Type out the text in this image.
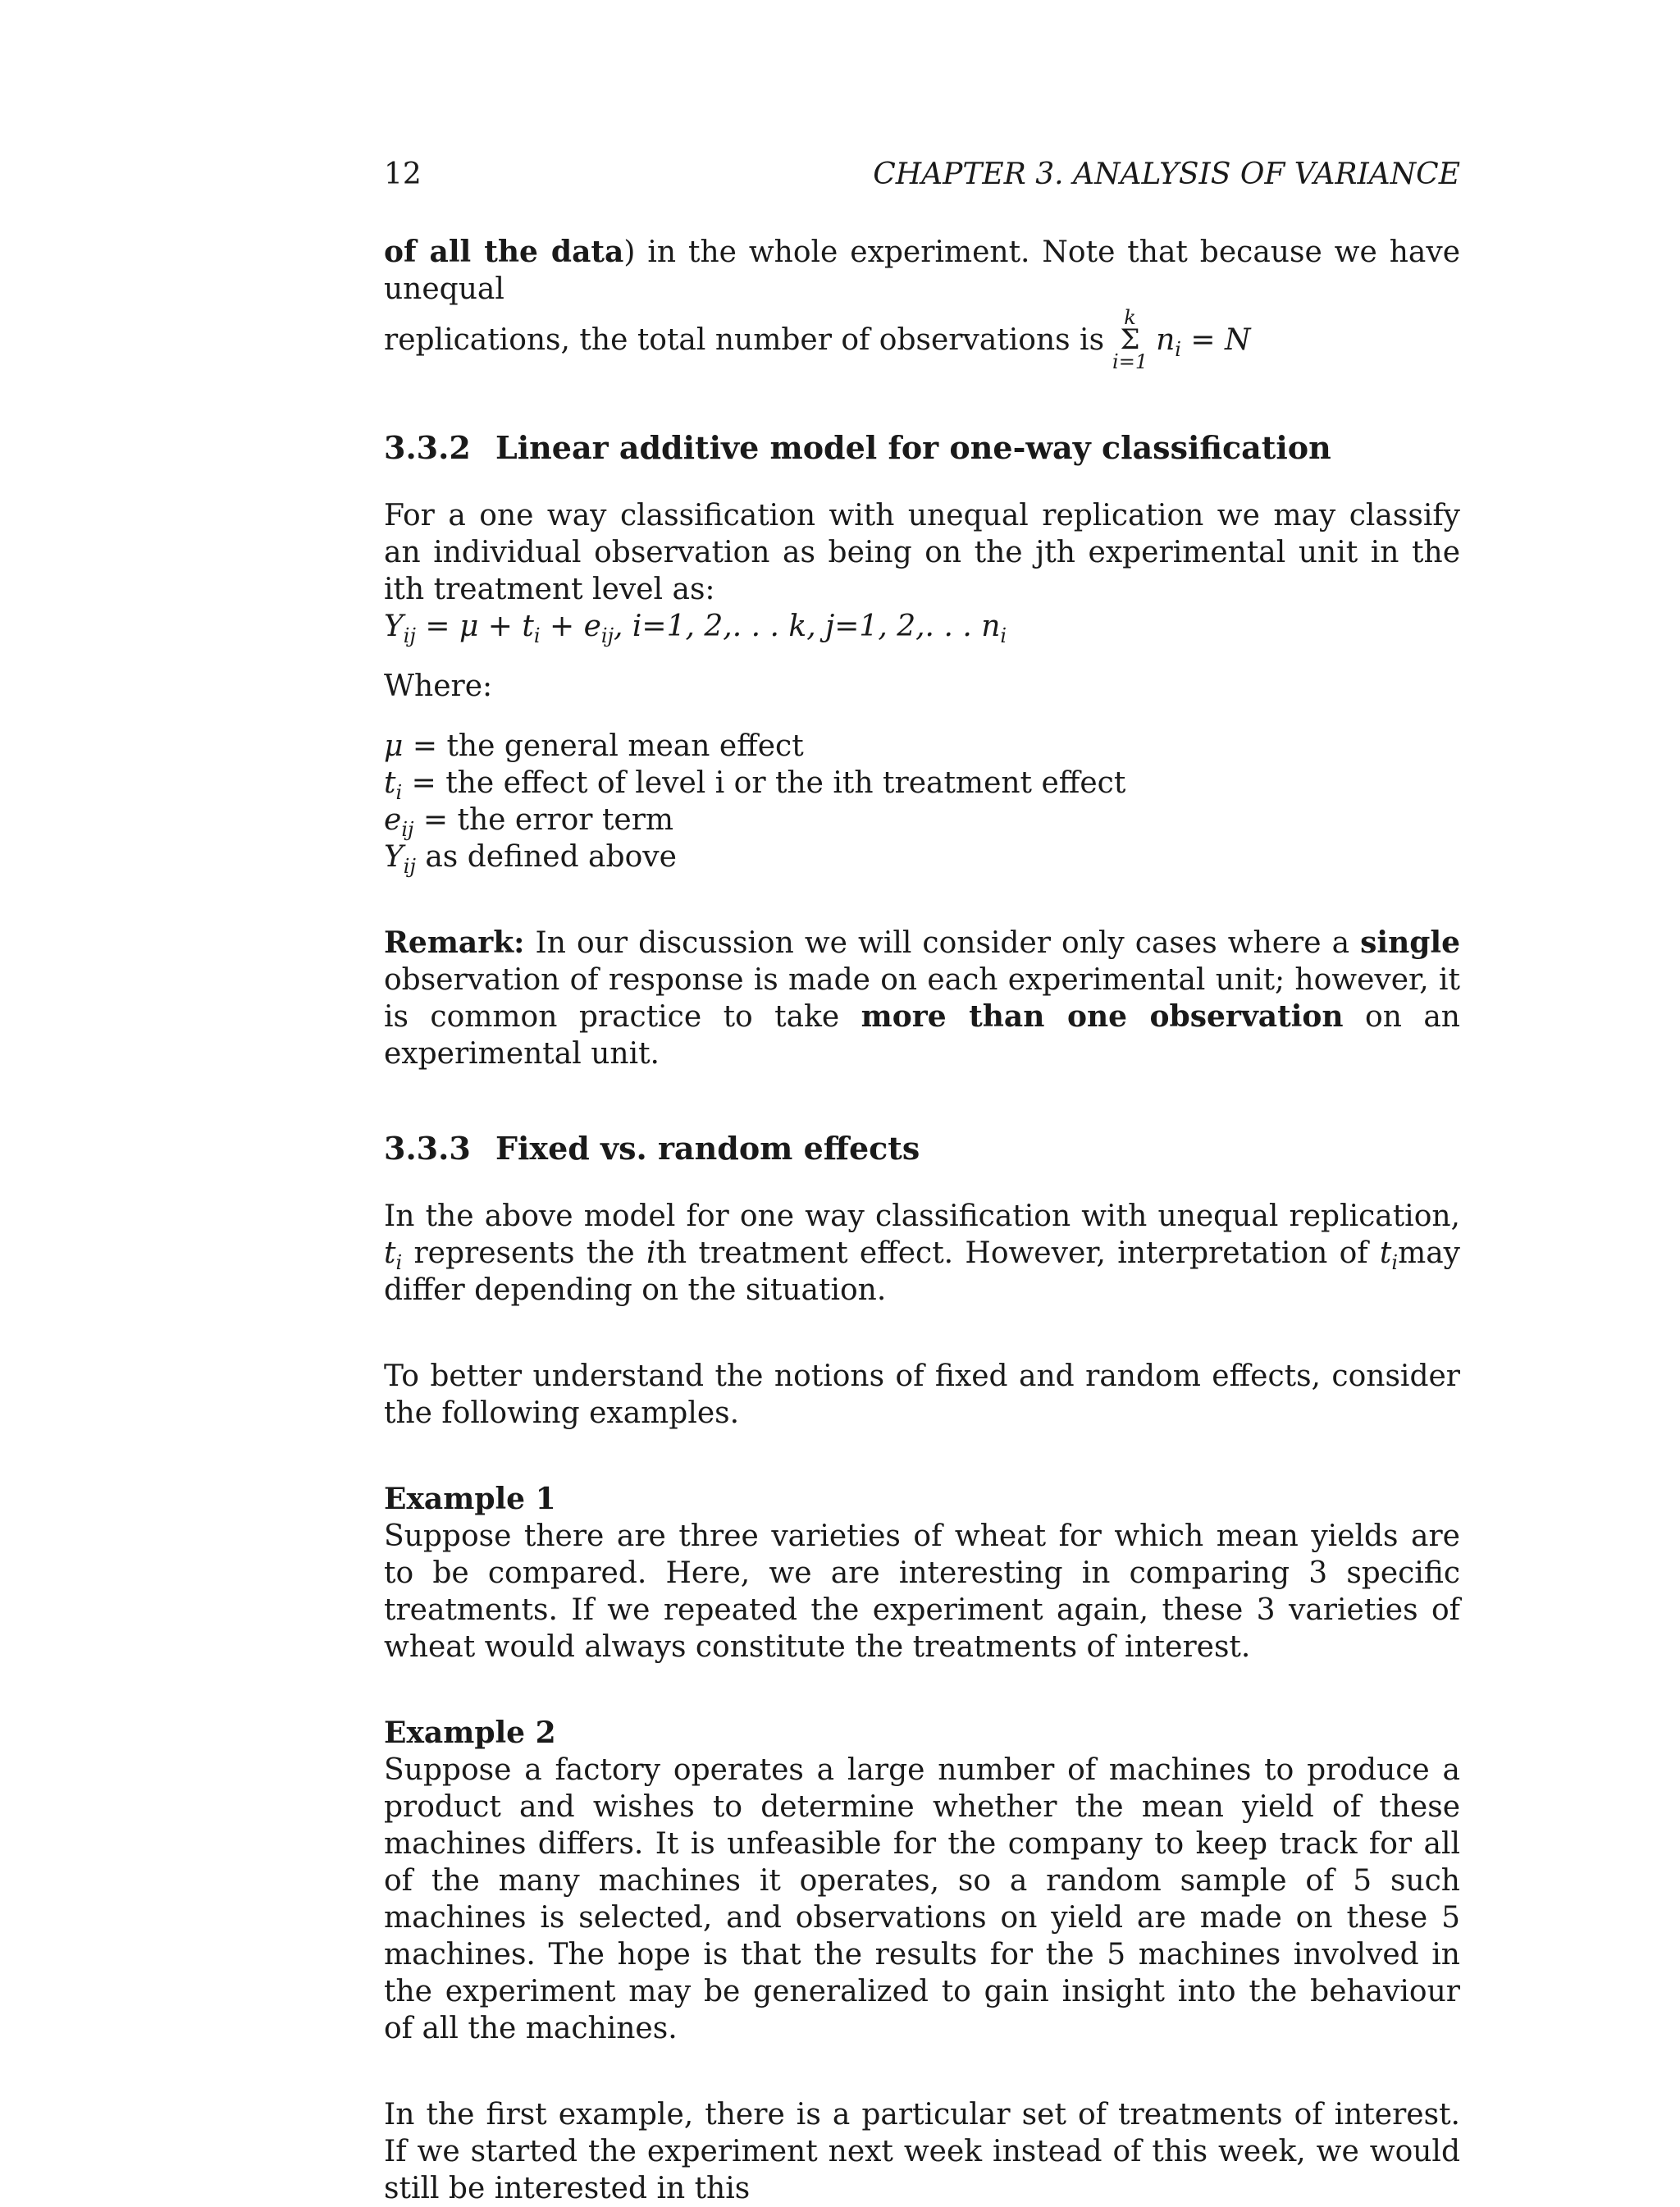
12	CHAPTER 3. ANALYSIS OF VARIANCE

of all the data) in the whole experiment. Note that because we have unequal

replications, the total number of observations is
k
Σ
i=1
$n_i = N$
3.3.2 Linear additive model for one-way classification

For a one way classification with unequal replication we may classify an individual observation as being on the jth experimental unit in the ith treatment level as:

$Y_{ij} = \mu + t_i + e_{ij}$, i=1, 2,. . . k, j=1, 2,. . . $n_i$

Where:

μ = the general mean effect
$t_i$ = the effect of level i or the ith treatment effect
$e_{ij}$ = the error term
$Y_{ij}$ as defined above

Remark: In our discussion we will consider only cases where a single observation of response is made on each experimental unit; however, it is common practice to take more than one observation on an experimental unit.

3.3.3 Fixed vs. random effects

In the above model for one way classification with unequal replication, $t_i$ represents the ith treatment effect. However, interpretation of $t_imay$ differ depending on the situation.

To better understand the notions of fixed and random effects, consider the following examples.

Example 1

Suppose there are three varieties of wheat for which mean yields are to be compared. Here, we are interesting in comparing 3 specific treatments. If we repeated the experiment again, these 3 varieties of wheat would always constitute the treatments of interest.

Example 2

Suppose a factory operates a large number of machines to produce a product and wishes to determine whether the mean yield of these machines differs. It is unfeasible for the company to keep track for all of the many machines it operates, so a random sample of 5 such machines is selected, and observations on yield are made on these 5 machines. The hope is that the results for the 5 machines involved in the experiment may be generalized to gain insight into the behaviour of all the machines.

In the first example, there is a particular set of treatments of interest. If we started the experiment next week instead of this week, we would still be interested in this
